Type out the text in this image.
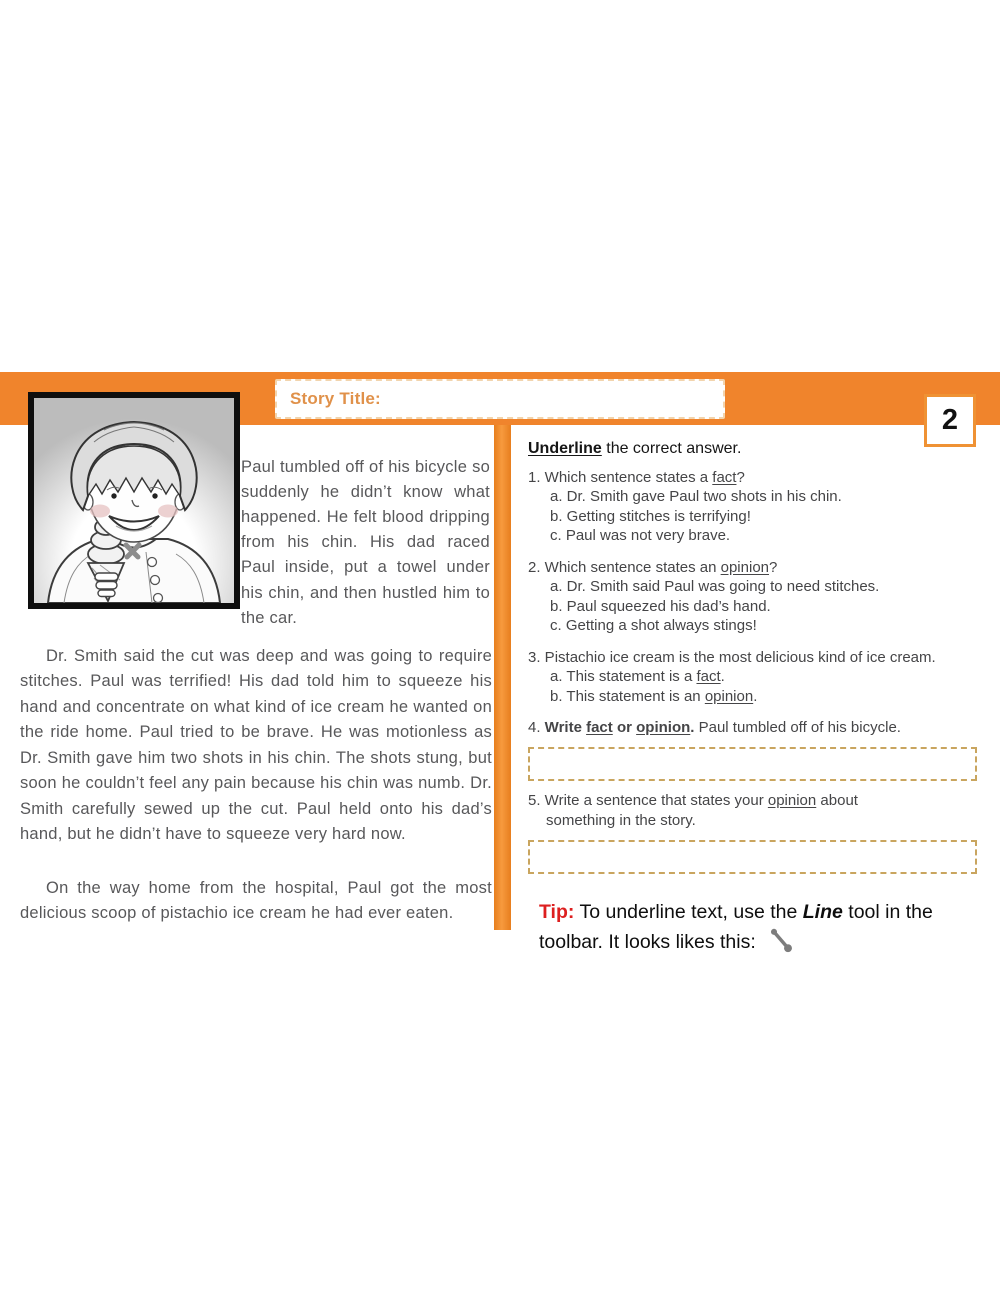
Story Title:
2

Paul tumbled off of his bicycle so suddenly he didn’t know what happened. He felt blood dripping from his chin. His dad raced Paul inside, put a towel under his chin, and then hustled him to the car.

Dr. Smith said the cut was deep and was going to require stitches. Paul was terrified! His dad told him to squeeze his hand and concentrate on what kind of ice cream he wanted on the ride home. Paul tried to be brave. He was motionless as Dr. Smith gave him two shots in his chin. The shots stung, but soon he couldn’t feel any pain because his chin was numb. Dr. Smith carefully sewed up the cut. Paul held onto his dad’s hand, but he didn’t have to squeeze very hard now.

On the way home from the hospital, Paul got the most delicious scoop of pistachio ice cream he had ever eaten.

Underline the correct answer.
1. Which sentence states a fact?
a. Dr. Smith gave Paul two shots in his chin.
b. Getting stitches is terrifying!
c. Paul was not very brave.
2. Which sentence states an opinion?
a. Dr. Smith said Paul was going to need stitches.
b. Paul squeezed his dad’s hand.
c. Getting a shot always stings!
3. Pistachio ice cream is the most delicious kind of ice cream.
a. This statement is a fact.
b. This statement is an opinion.
4. Write fact or opinion. Paul tumbled off of his bicycle.
5. Write a sentence that states your opinion about
something in the story.
Tip: To underline text, use the Line tool in the
toolbar. It looks likes this:
